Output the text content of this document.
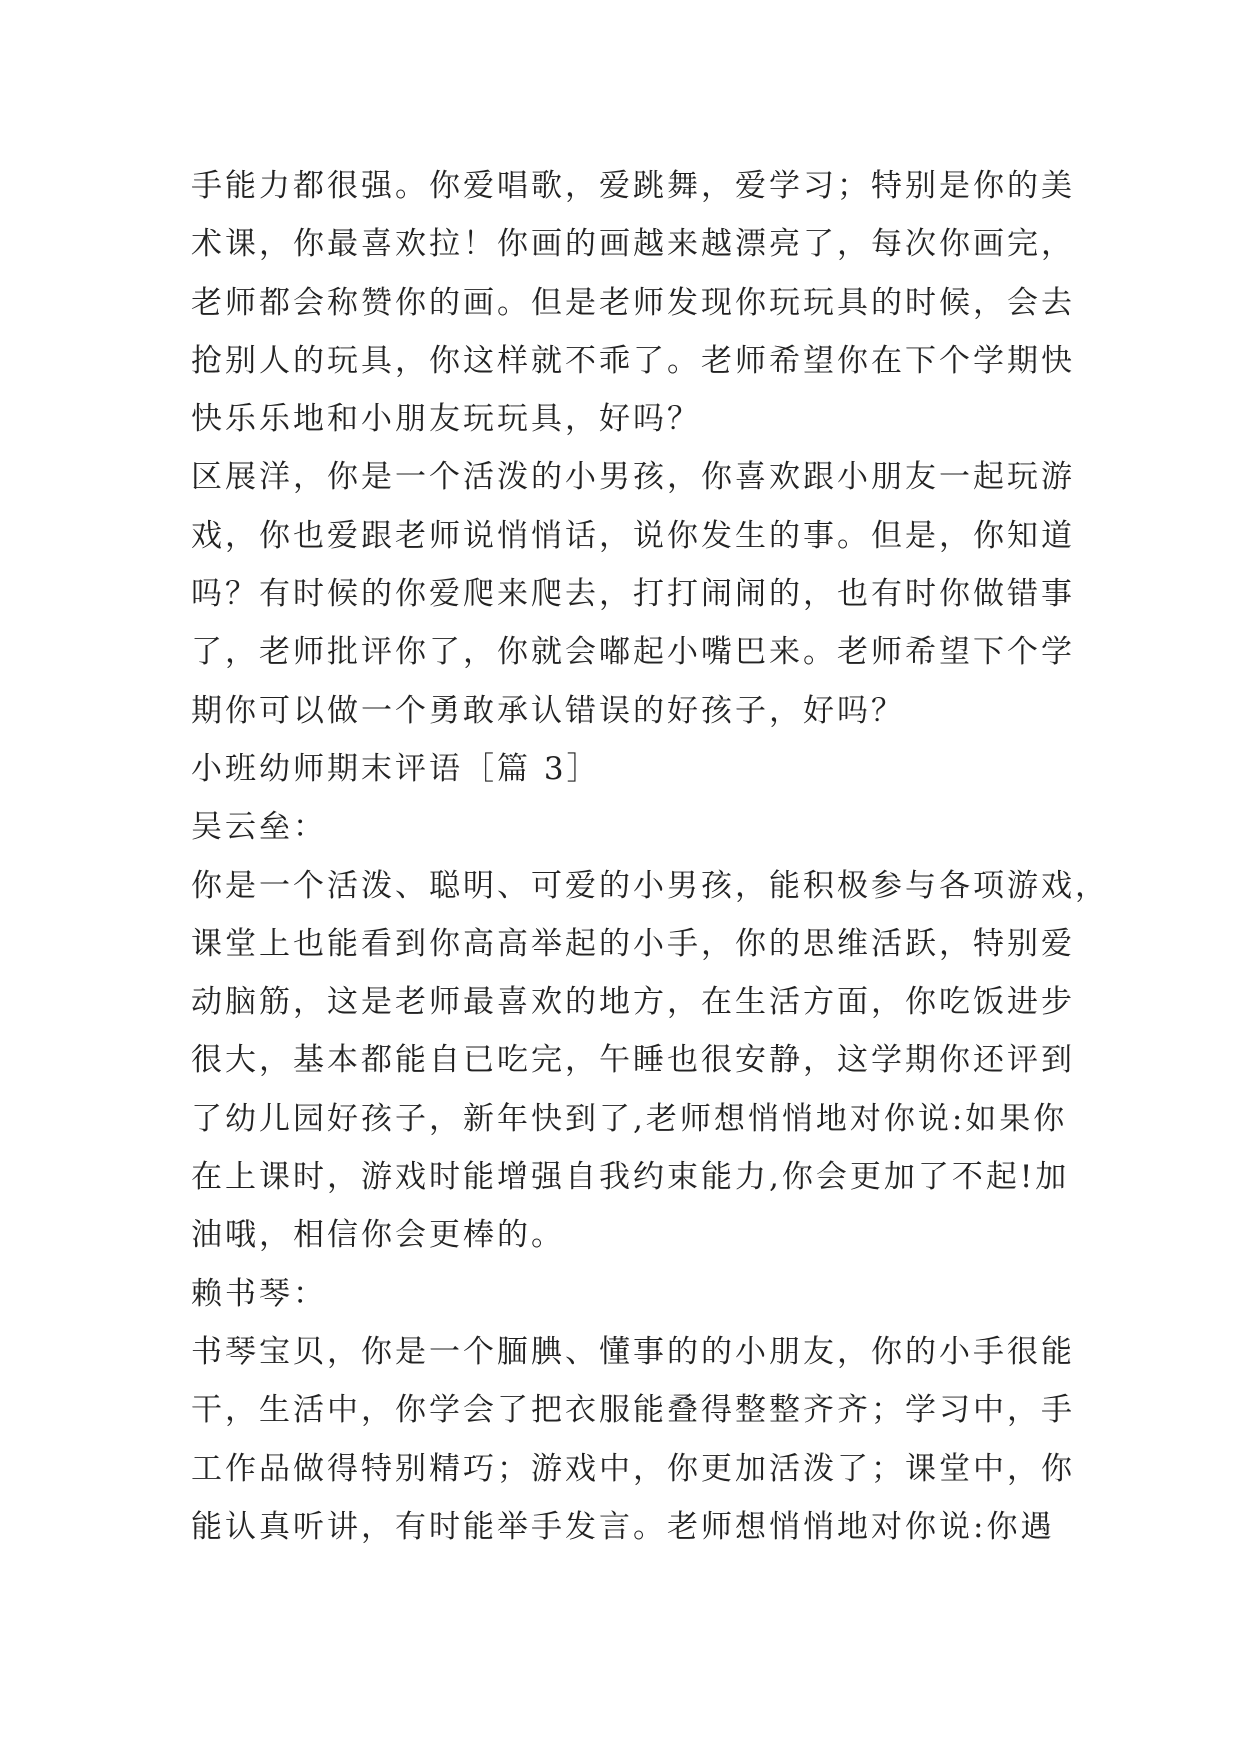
手能力都很强。你爱唱歌，爱跳舞，爱学习；特别是你的美
术课，你最喜欢拉！你画的画越来越漂亮了，每次你画完，
老师都会称赞你的画。但是老师发现你玩玩具的时候，会去
抢别人的玩具，你这样就不乖了。老师希望你在下个学期快
快乐乐地和小朋友玩玩具，好吗？
区展洋，你是一个活泼的小男孩，你喜欢跟小朋友一起玩游
戏，你也爱跟老师说悄悄话，说你发生的事。但是，你知道
吗？有时候的你爱爬来爬去，打打闹闹的，也有时你做错事
了，老师批评你了，你就会嘟起小嘴巴来。老师希望下个学
期你可以做一个勇敢承认错误的好孩子，好吗？
小班幼师期末评语［篇 3］
吴云垒：
你是一个活泼、聪明、可爱的小男孩，能积极参与各项游戏，
课堂上也能看到你高高举起的小手，你的思维活跃，特别爱
动脑筋，这是老师最喜欢的地方，在生活方面，你吃饭进步
很大，基本都能自已吃完，午睡也很安静，这学期你还评到
了幼儿园好孩子，新年快到了,老师想悄悄地对你说:如果你
在上课时，游戏时能增强自我约束能力,你会更加了不起!加
油哦，相信你会更棒的。
赖书琴：
书琴宝贝，你是一个腼腆、懂事的的小朋友，你的小手很能
干，生活中，你学会了把衣服能叠得整整齐齐；学习中，手
工作品做得特别精巧；游戏中，你更加活泼了；课堂中，你
能认真听讲，有时能举手发言。老师想悄悄地对你说:你遇
